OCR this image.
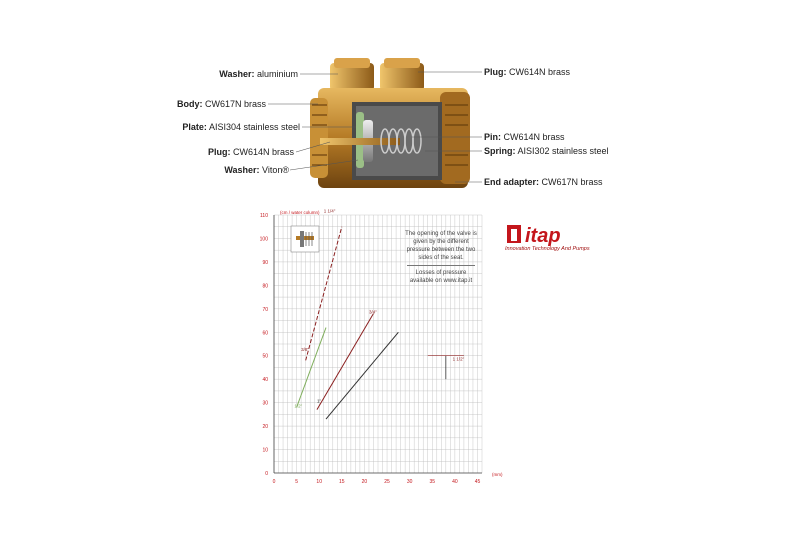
Washer: aluminium
Body: CW617N brass
Plate: AISI304 stainless steel
Plug: CW614N brass
Washer: Viton®
Plug: CW614N brass
Pin: CW614N brass
Spring: AISI302 stainless steel
End adapter: CW617N brass
0	5	10	15	20	25	30	35	40	45
0
10
20
30
40
50
60
70
80
90
100
110
(mm)
(cm / water column)
3/8"
1/2"
3/4"
1"
1 1/4"
1 1/2"
The opening of the valve is given by the different pressure between the two sides of the seat.
Losses of pressure available on www.itap.it
itap
Innovation Technology And Pumps
